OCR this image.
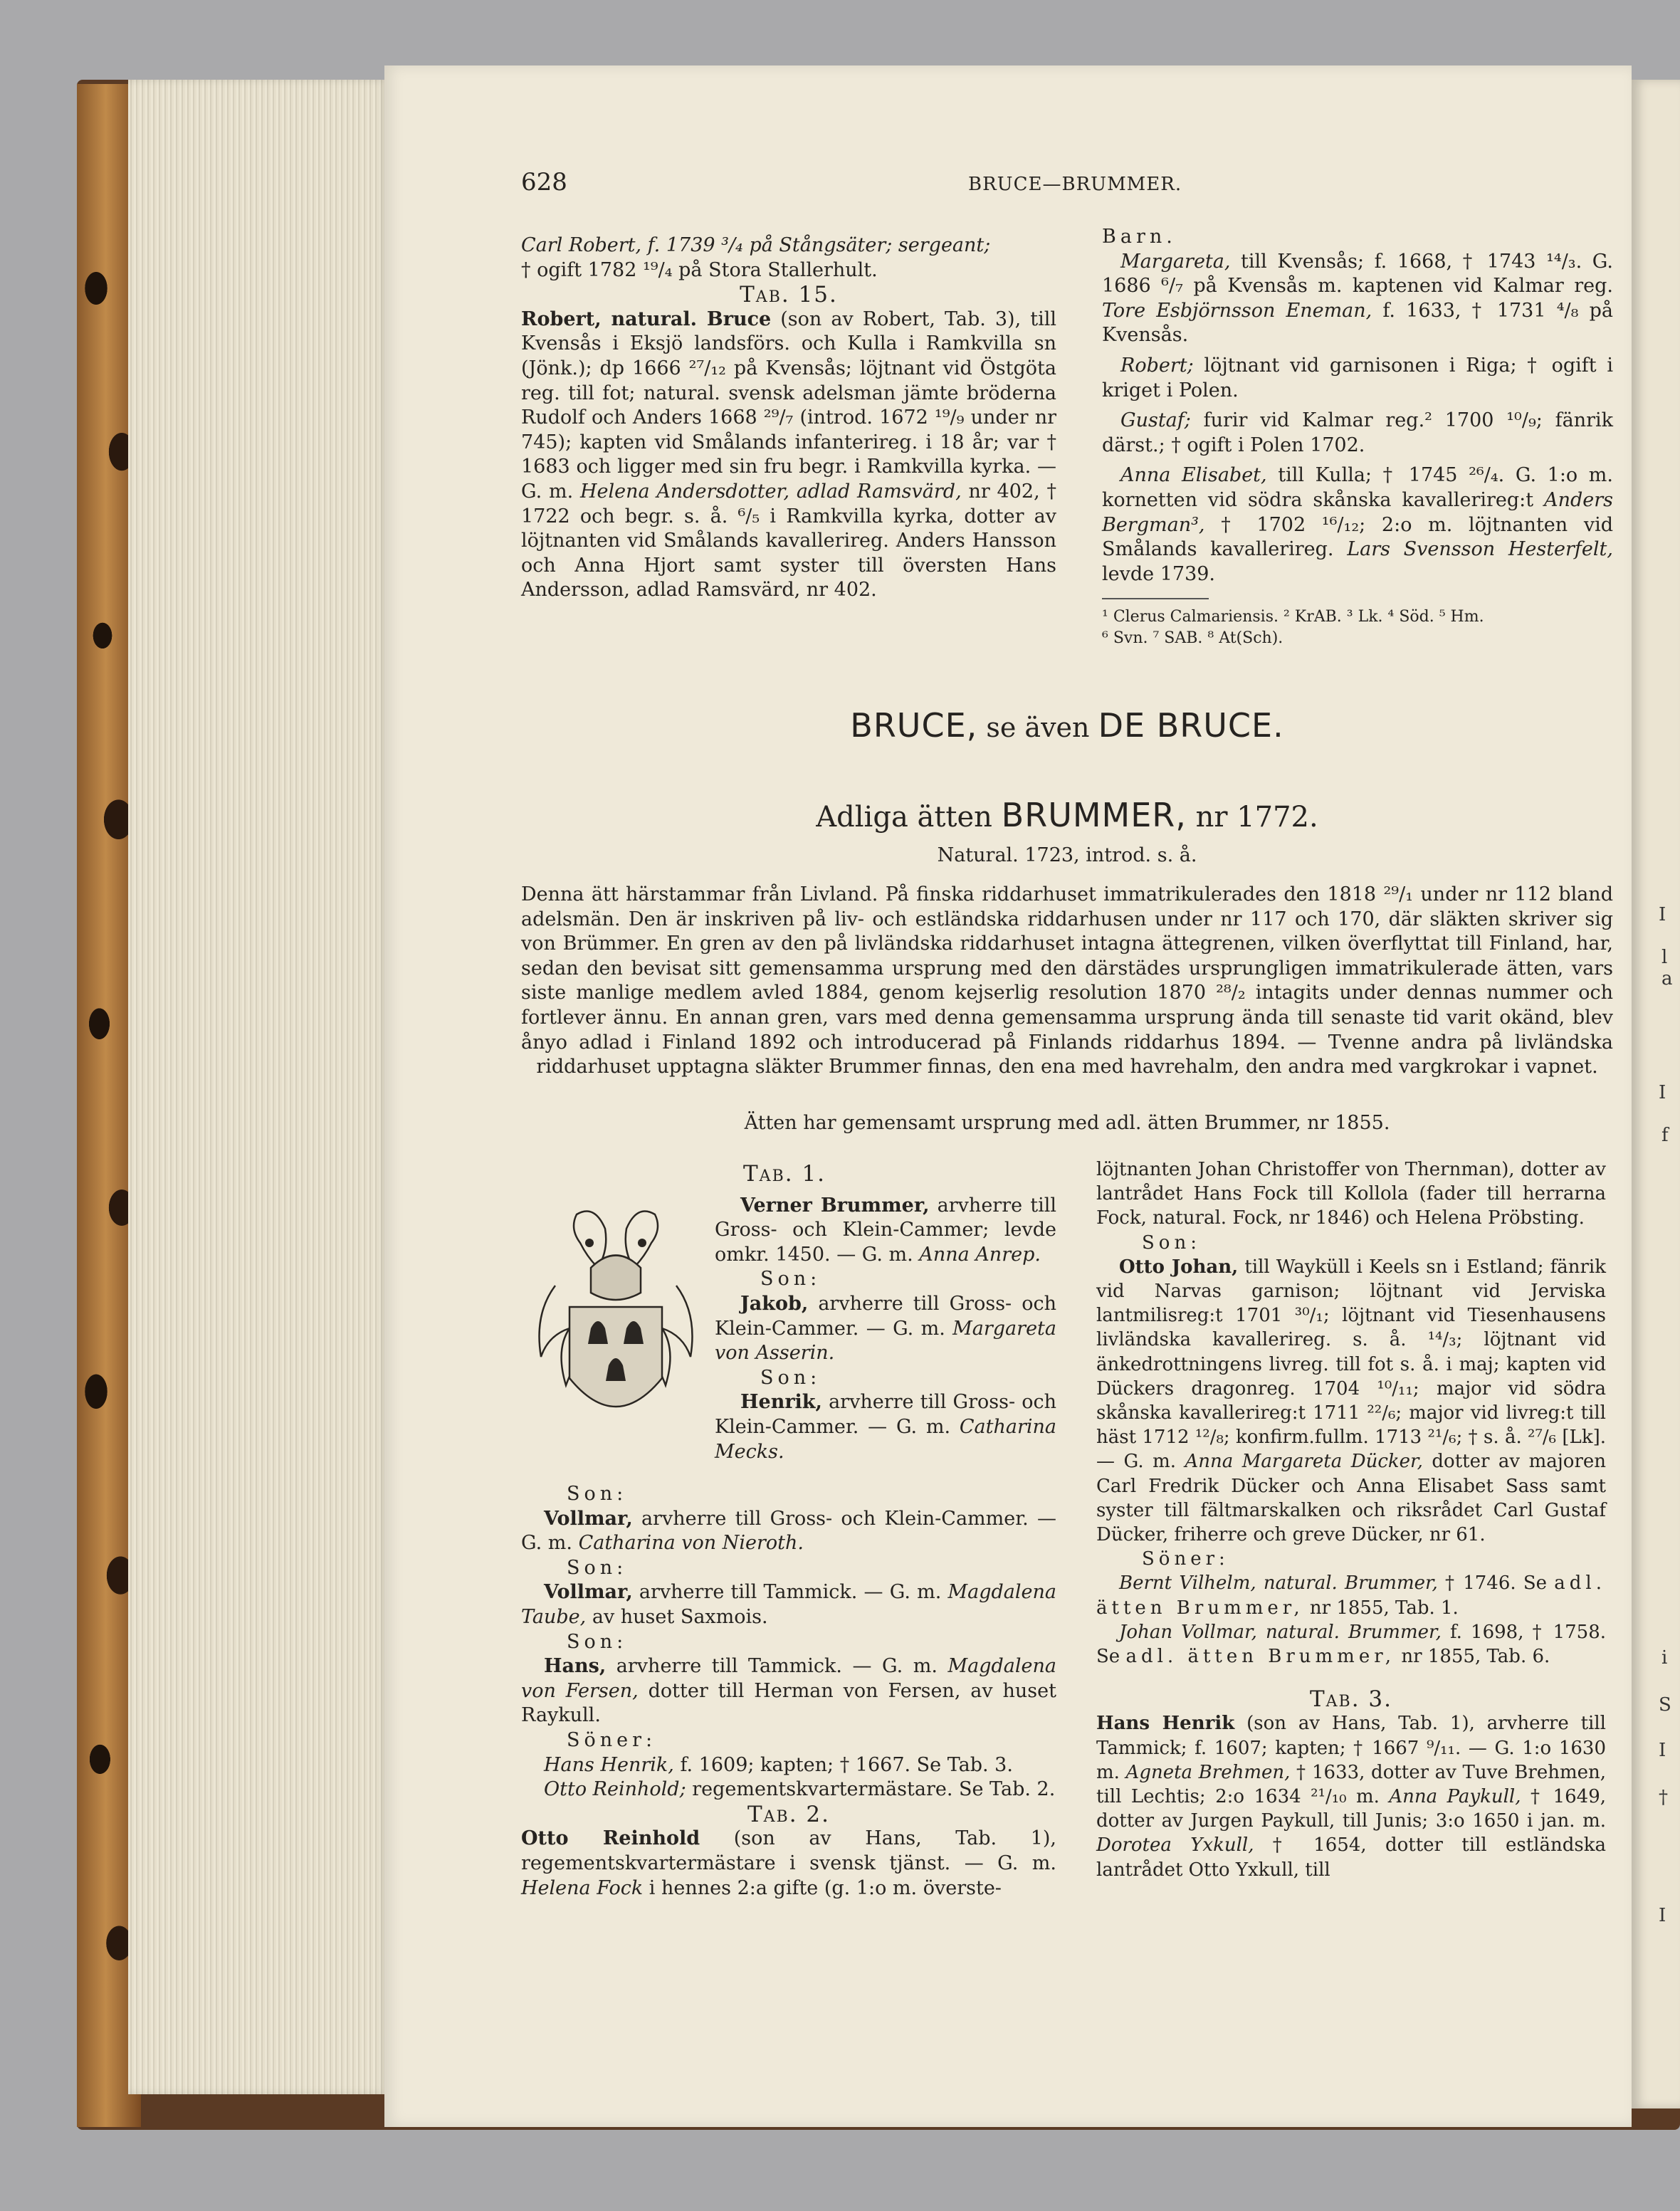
628	BRUCE—BRUMMER.

Carl Robert, f. 1739 ³/₄ på Stångsäter; sergeant;

† ogift 1782 ¹⁹/₄ på Stora Stallerhult.

Tab. 15.

Robert, natural. Bruce (son av Robert, Tab. 3), till Kvensås i Eksjö landsförs. och Kulla i Ramkvilla sn (Jönk.); dp 1666 ²⁷/₁₂ på Kvensås; löjtnant vid Östgöta reg. till fot; natural. svensk adelsman jämte bröderna Rudolf och Anders 1668 ²⁹/₇ (introd. 1672 ¹⁹/₉ under nr 745); kapten vid Smålands infanterireg. i 18 år; var † 1683 och ligger med sin fru begr. i Ramkvilla kyrka. — G. m. Helena Andersdotter, adlad Ramsvärd, nr 402, † 1722 och begr. s. å. ⁶/₅ i Ramkvilla kyrka, dotter av löjtnanten vid Smålands kavallerireg. Anders Hansson och Anna Hjort samt syster till översten Hans Andersson, adlad Ramsvärd, nr 402.

Barn.

Margareta, till Kvensås; f. 1668, † 1743 ¹⁴/₃. G. 1686 ⁶/₇ på Kvensås m. kaptenen vid Kalmar reg. Tore Esbjörnsson Eneman, f. 1633, † 1731 ⁴/₈ på Kvensås.

Robert; löjtnant vid garnisonen i Riga; † ogift i kriget i Polen.

Gustaf; furir vid Kalmar reg.² 1700 ¹⁰/₉; fänrik därst.; † ogift i Polen 1702.

Anna Elisabet, till Kulla; † 1745 ²⁶/₄. G. 1:o m. kornetten vid södra skånska kavallerireg:t Anders Bergman³, † 1702 ¹⁶/₁₂; 2:o m. löjtnanten vid Smålands kavallerireg. Lars Svensson Hesterfelt, levde 1739.

¹ Clerus Calmariensis. ² KrAB. ³ Lk. ⁴ Söd. ⁵ Hm.

⁶ Svn. ⁷ SAB. ⁸ At(Sch).

BRUCE, se även DE BRUCE.
Adliga ätten BRUMMER, nr 1772.
Natural. 1723, introd. s. å.
Denna ätt härstammar från Livland. På finska riddarhuset immatrikulerades den 1818 ²⁹/₁ under nr 112 bland adelsmän. Den är inskriven på liv- och estländska riddarhusen under nr 117 och 170, där släkten skriver sig von Brümmer. En gren av den på livländska riddarhuset intagna ättegrenen, vilken överflyttat till Finland, har, sedan den bevisat sitt gemensamma ursprung med den därstädes ursprungligen immatrikulerade ätten, vars siste manlige medlem avled 1884, genom kejserlig resolution 1870 ²⁸/₂ intagits under dennas nummer och fortlever ännu. En annan gren, vars med denna gemensamma ursprung ända till senaste tid varit okänd, blev ånyo adlad i Finland 1892 och introducerad på Finlands riddarhus 1894. — Tvenne andra på livländska riddarhuset upptagna släkter Brummer finnas, den ena med havrehalm, den andra med vargkrokar i vapnet.
Ätten har gemensamt ursprung med adl. ätten Brummer, nr 1855.

Tab. 1.

Verner Brummer, arvherre till Gross- och Klein-Cammer; levde omkr. 1450. — G. m. Anna Anrep.

Son:

Jakob, arvherre till Gross- och Klein-Cammer. — G. m. Margareta von Asserin.

Son:

Henrik, arvherre till Gross- och Klein-Cammer. — G. m. Catharina Mecks.

Son:

Vollmar, arvherre till Gross- och Klein-Cammer. — G. m. Catharina von Nieroth.

Son:

Vollmar, arvherre till Tammick. — G. m. Magdalena Taube, av huset Saxmois.

Son:

Hans, arvherre till Tammick. — G. m. Magdalena von Fersen, dotter till Herman von Fersen, av huset Raykull.

Söner:

Hans Henrik, f. 1609; kapten; † 1667. Se Tab. 3.

Otto Reinhold; regementskvartermästare. Se Tab. 2.

Tab. 2.

Otto Reinhold (son av Hans, Tab. 1), regementskvartermästare i svensk tjänst. — G. m. Helena Fock i hennes 2:a gifte (g. 1:o m. överste-

löjtnanten Johan Christoffer von Thernman), dotter av lantrådet Hans Fock till Kollola (fader till herrarna Fock, natural. Fock, nr 1846) och Helena Pröbsting.

Son:

Otto Johan, till Wayküll i Keels sn i Estland; fänrik vid Narvas garnison; löjtnant vid Jerviska lantmilisreg:t 1701 ³⁰/₁; löjtnant vid Tiesenhausens livländska kavallerireg. s. å. ¹⁴/₃; löjtnant vid änkedrottningens livreg. till fot s. å. i maj; kapten vid Dückers dragonreg. 1704 ¹⁰/₁₁; major vid södra skånska kavallerireg:t 1711 ²²/₆; major vid livreg:t till häst 1712 ¹²/₈; konfirm.fullm. 1713 ²¹/₆; † s. å. ²⁷/₆ [Lk]. — G. m. Anna Margareta Dücker, dotter av majoren Carl Fredrik Dücker och Anna Elisabet Sass samt syster till fältmarskalken och riksrådet Carl Gustaf Dücker, friherre och greve Dücker, nr 61.

Söner:

Bernt Vilhelm, natural. Brummer, † 1746. Se adl. ätten Brummer, nr 1855, Tab. 1.

Johan Vollmar, natural. Brummer, f. 1698, † 1758. Se adl. ätten Brummer, nr 1855, Tab. 6.

Tab. 3.

Hans Henrik (son av Hans, Tab. 1), arvherre till Tammick; f. 1607; kapten; † 1667 ⁹/₁₁. — G. 1:o 1630 m. Agneta Brehmen, † 1633, dotter av Tuve Brehmen, till Lechtis; 2:o 1634 ²¹/₁₀ m. Anna Paykull, † 1649, dotter av Jurgen Paykull, till Junis; 3:o 1650 i jan. m. Dorotea Yxkull, † 1654, dotter till estländska lantrådet Otto Yxkull, till

I
l
a
I
f
i
S
I
†
I
